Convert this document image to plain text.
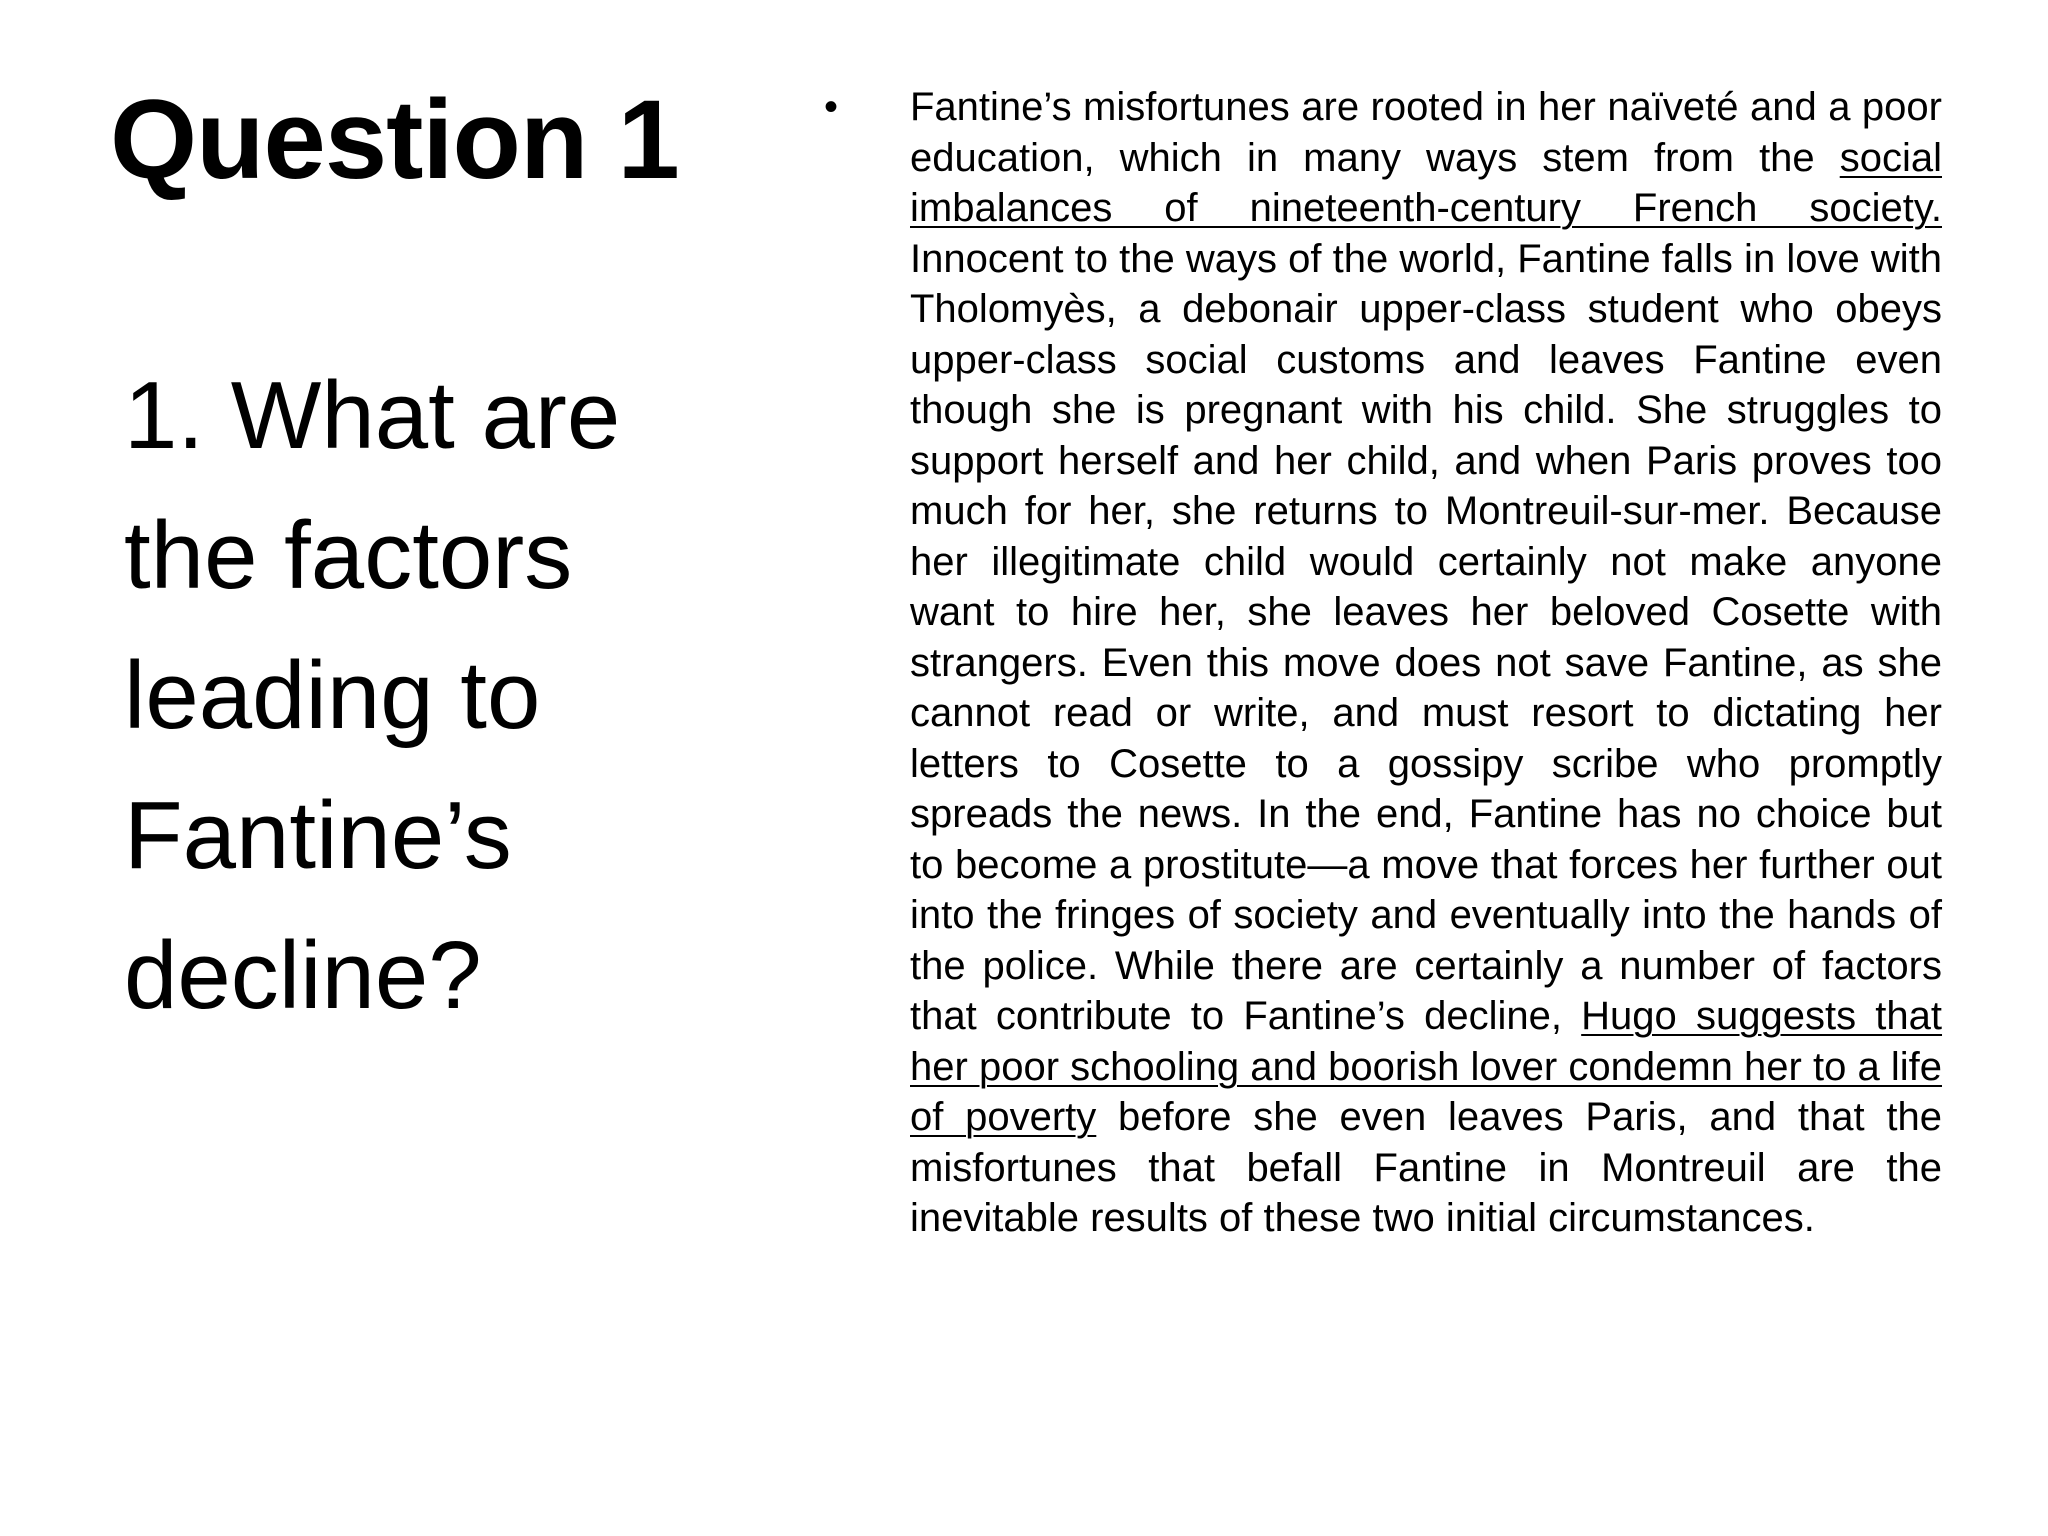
Question 1

1. What are the factors leading to Fantine’s decline?

• Fantine’s misfortunes are rooted in her naïveté and a poor education, which in many ways stem from the social imbalances of nineteenth-century French society. Innocent to the ways of the world, Fantine falls in love with Tholomyès, a debonair upper-class student who obeys upper-class social customs and leaves Fantine even though she is pregnant with his child. She struggles to support herself and her child, and when Paris proves too much for her, she returns to Montreuil-sur-mer. Because her illegitimate child would certainly not make anyone want to hire her, she leaves her beloved Cosette with strangers. Even this move does not save Fantine, as she cannot read or write, and must resort to dictating her letters to Cosette to a gossipy scribe who promptly spreads the news. In the end, Fantine has no choice but to become a prostitute—a move that forces her further out into the fringes of society and eventually into the hands of the police. While there are certainly a number of factors that contribute to Fantine’s decline, Hugo suggests that her poor schooling and boorish lover condemn her to a life of poverty before she even leaves Paris, and that the misfortunes that befall Fantine in Montreuil are the inevitable results of these two initial circumstances.
